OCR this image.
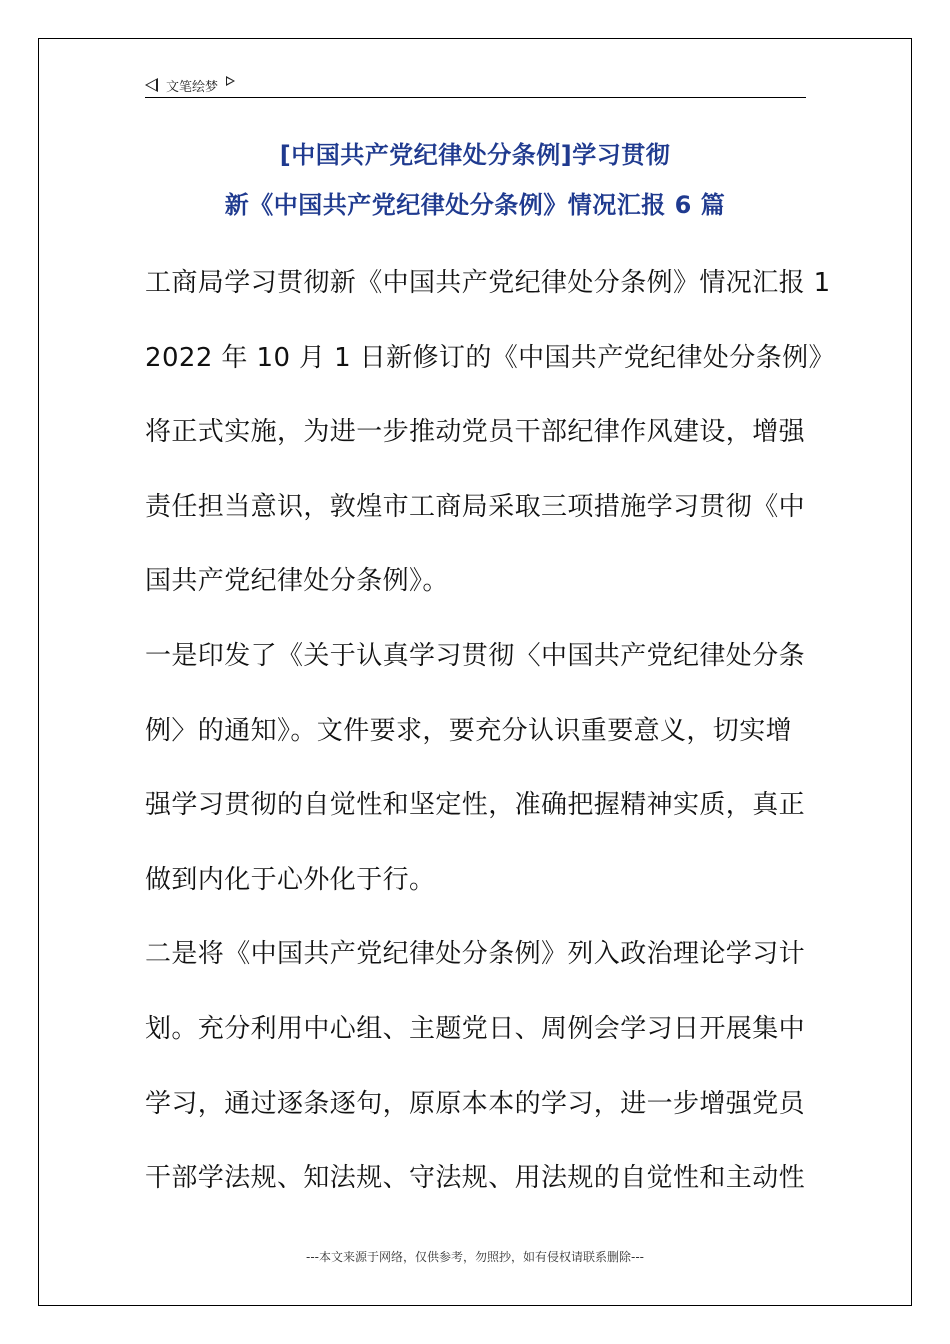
文笔绘梦
[中国共产党纪律处分条例]学习贯彻
新《中国共产党纪律处分条例》情况汇报 6 篇
工商局学习贯彻新《中国共产党纪律处分条例》情况汇报 1
2022 年 10 月 1 日新修订的《中国共产党纪律处分条例》
将正式实施，为进一步推动党员干部纪律作风建设，增强
责任担当意识，敦煌市工商局采取三项措施学习贯彻《中
国共产党纪律处分条例》。
一是印发了《关于认真学习贯彻〈中国共产党纪律处分条
例〉的通知》。文件要求，要充分认识重要意义，切实增
强学习贯彻的自觉性和坚定性，准确把握精神实质，真正
做到内化于心外化于行。
二是将《中国共产党纪律处分条例》列入政治理论学习计
划。充分利用中心组、主题党日、周例会学习日开展集中
学习，通过逐条逐句，原原本本的学习，进一步增强党员
干部学法规、知法规、守法规、用法规的自觉性和主动性
---本文来源于网络，仅供参考，勿照抄，如有侵权请联系删除---
